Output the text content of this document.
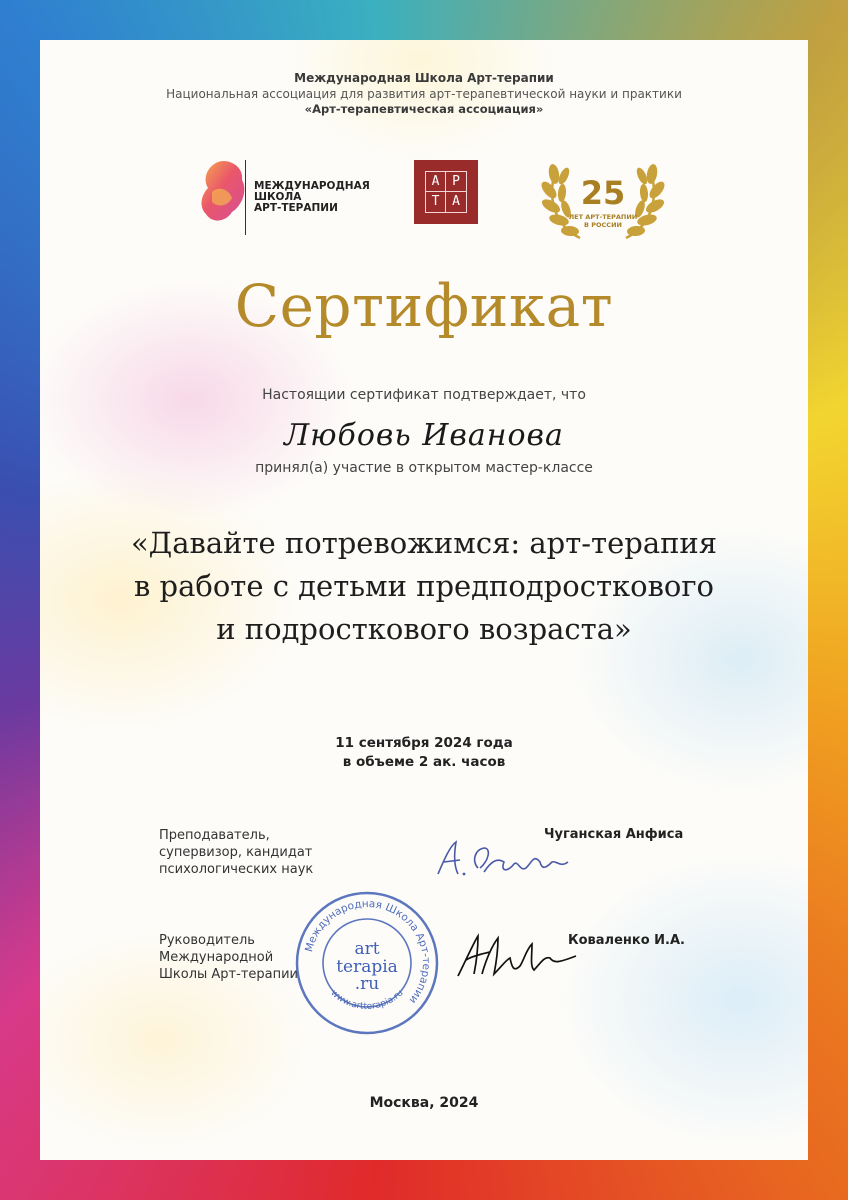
Международная Школа Арт-терапии
Национальная ассоциация для развития арт-терапевтической науки и практики
«Арт-терапевтическая ассоциация»
МЕЖДУНАРОДНАЯ
ШКОЛА
АРТ-ТЕРАПИИ
А Р
Т А	25
ЛЕТ АРТ-ТЕРАПИИ
В РОССИИ
Сертификат
Настоящии сертификат подтверждает, что
Любовь Иванова
принял(а) участие в открытом мастер-классе
«Давайте потревожимся: арт-терапия
в работе с детьми предподросткового
и подросткового возраста»
11 сентября 2024 года
в объеме 2 ак. часов
Преподаватель,
супервизор, кандидат
психологических наук
Чуганская Анфиса
Руководитель
Международной
Школы Арт-терапии
Коваленко И.А.
Международная Школа Арт-терапии
www.artterapia.ru
art
terapia
.ru
Москва, 2024
